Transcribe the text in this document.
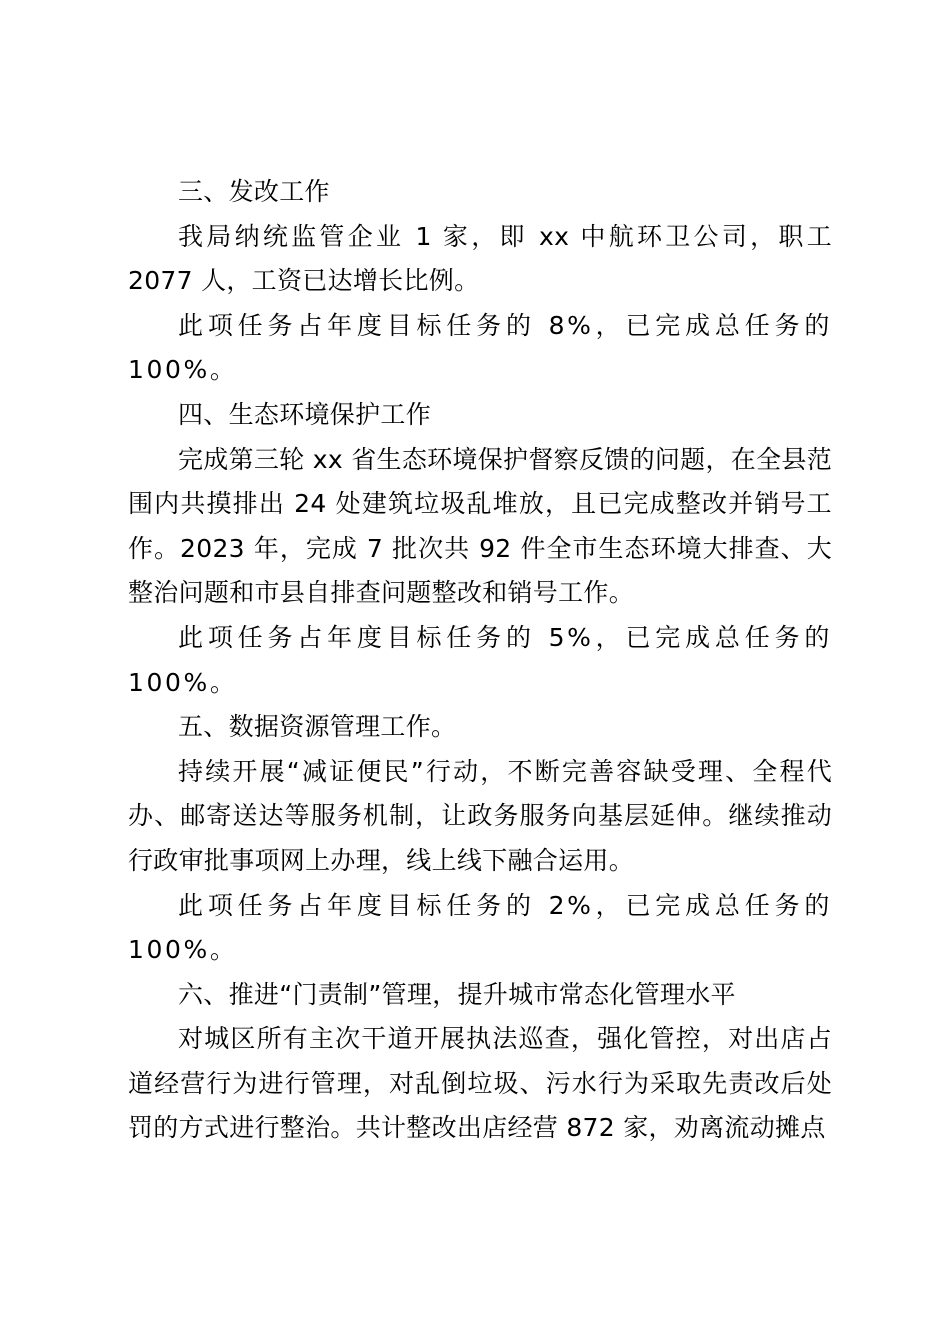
三、发改工作

我局纳统监管企业 1 家，即 xx 中航环卫公司，职工 2077 人，工资已达增长比例。

此项任务占年度目标任务的 8%，已完成总任务的 100%。

四、生态环境保护工作

完成第三轮 xx 省生态环境保护督察反馈的问题，在全县范围内共摸排出 24 处建筑垃圾乱堆放，且已完成整改并销号工作。2023 年，完成 7 批次共 92 件全市生态环境大排查、大整治问题和市县自排查问题整改和销号工作。

此项任务占年度目标任务的 5%，已完成总任务的 100%。

五、数据资源管理工作。

持续开展“减证便民”行动，不断完善容缺受理、全程代办、邮寄送达等服务机制，让政务服务向基层延伸。继续推动行政审批事项网上办理，线上线下融合运用。

此项任务占年度目标任务的 2%，已完成总任务的 100%。

六、推进“门责制”管理，提升城市常态化管理水平

对城区所有主次干道开展执法巡查，强化管控，对出店占道经营行为进行管理，对乱倒垃圾、污水行为采取先责改后处罚的方式进行整治。共计整改出店经营 872 家，劝离流动摊点
